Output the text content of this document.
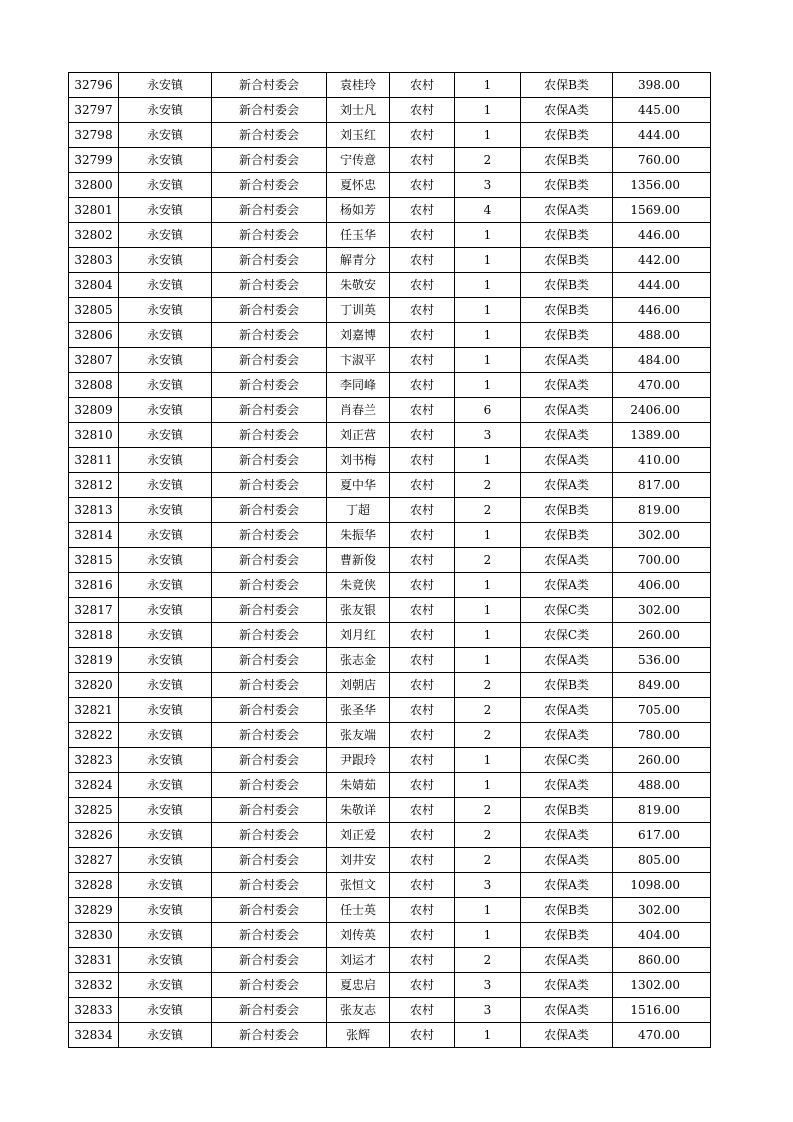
32796	永安镇	新合村委会	袁桂玲	农村	1	农保B类	398.00
32797	永安镇	新合村委会	刘士凡	农村	1	农保A类	445.00
32798	永安镇	新合村委会	刘玉红	农村	1	农保B类	444.00
32799	永安镇	新合村委会	宁传意	农村	2	农保B类	760.00
32800	永安镇	新合村委会	夏怀忠	农村	3	农保B类	1356.00
32801	永安镇	新合村委会	杨如芳	农村	4	农保A类	1569.00
32802	永安镇	新合村委会	任玉华	农村	1	农保B类	446.00
32803	永安镇	新合村委会	解青分	农村	1	农保B类	442.00
32804	永安镇	新合村委会	朱敬安	农村	1	农保B类	444.00
32805	永安镇	新合村委会	丁训英	农村	1	农保B类	446.00
32806	永安镇	新合村委会	刘嘉博	农村	1	农保B类	488.00
32807	永安镇	新合村委会	卞淑平	农村	1	农保A类	484.00
32808	永安镇	新合村委会	李同峰	农村	1	农保A类	470.00
32809	永安镇	新合村委会	肖春兰	农村	6	农保A类	2406.00
32810	永安镇	新合村委会	刘正营	农村	3	农保A类	1389.00
32811	永安镇	新合村委会	刘书梅	农村	1	农保A类	410.00
32812	永安镇	新合村委会	夏中华	农村	2	农保A类	817.00
32813	永安镇	新合村委会	丁超	农村	2	农保B类	819.00
32814	永安镇	新合村委会	朱振华	农村	1	农保B类	302.00
32815	永安镇	新合村委会	曹新俊	农村	2	农保A类	700.00
32816	永安镇	新合村委会	朱竟侠	农村	1	农保A类	406.00
32817	永安镇	新合村委会	张友银	农村	1	农保C类	302.00
32818	永安镇	新合村委会	刘月红	农村	1	农保C类	260.00
32819	永安镇	新合村委会	张志金	农村	1	农保A类	536.00
32820	永安镇	新合村委会	刘朝店	农村	2	农保B类	849.00
32821	永安镇	新合村委会	张圣华	农村	2	农保A类	705.00
32822	永安镇	新合村委会	张友端	农村	2	农保A类	780.00
32823	永安镇	新合村委会	尹跟玲	农村	1	农保C类	260.00
32824	永安镇	新合村委会	朱婧茹	农村	1	农保A类	488.00
32825	永安镇	新合村委会	朱敬详	农村	2	农保B类	819.00
32826	永安镇	新合村委会	刘正爱	农村	2	农保A类	617.00
32827	永安镇	新合村委会	刘井安	农村	2	农保A类	805.00
32828	永安镇	新合村委会	张恒文	农村	3	农保A类	1098.00
32829	永安镇	新合村委会	任士英	农村	1	农保B类	302.00
32830	永安镇	新合村委会	刘传英	农村	1	农保B类	404.00
32831	永安镇	新合村委会	刘运才	农村	2	农保A类	860.00
32832	永安镇	新合村委会	夏忠启	农村	3	农保A类	1302.00
32833	永安镇	新合村委会	张友志	农村	3	农保A类	1516.00
32834	永安镇	新合村委会	张辉	农村	1	农保A类	470.00
